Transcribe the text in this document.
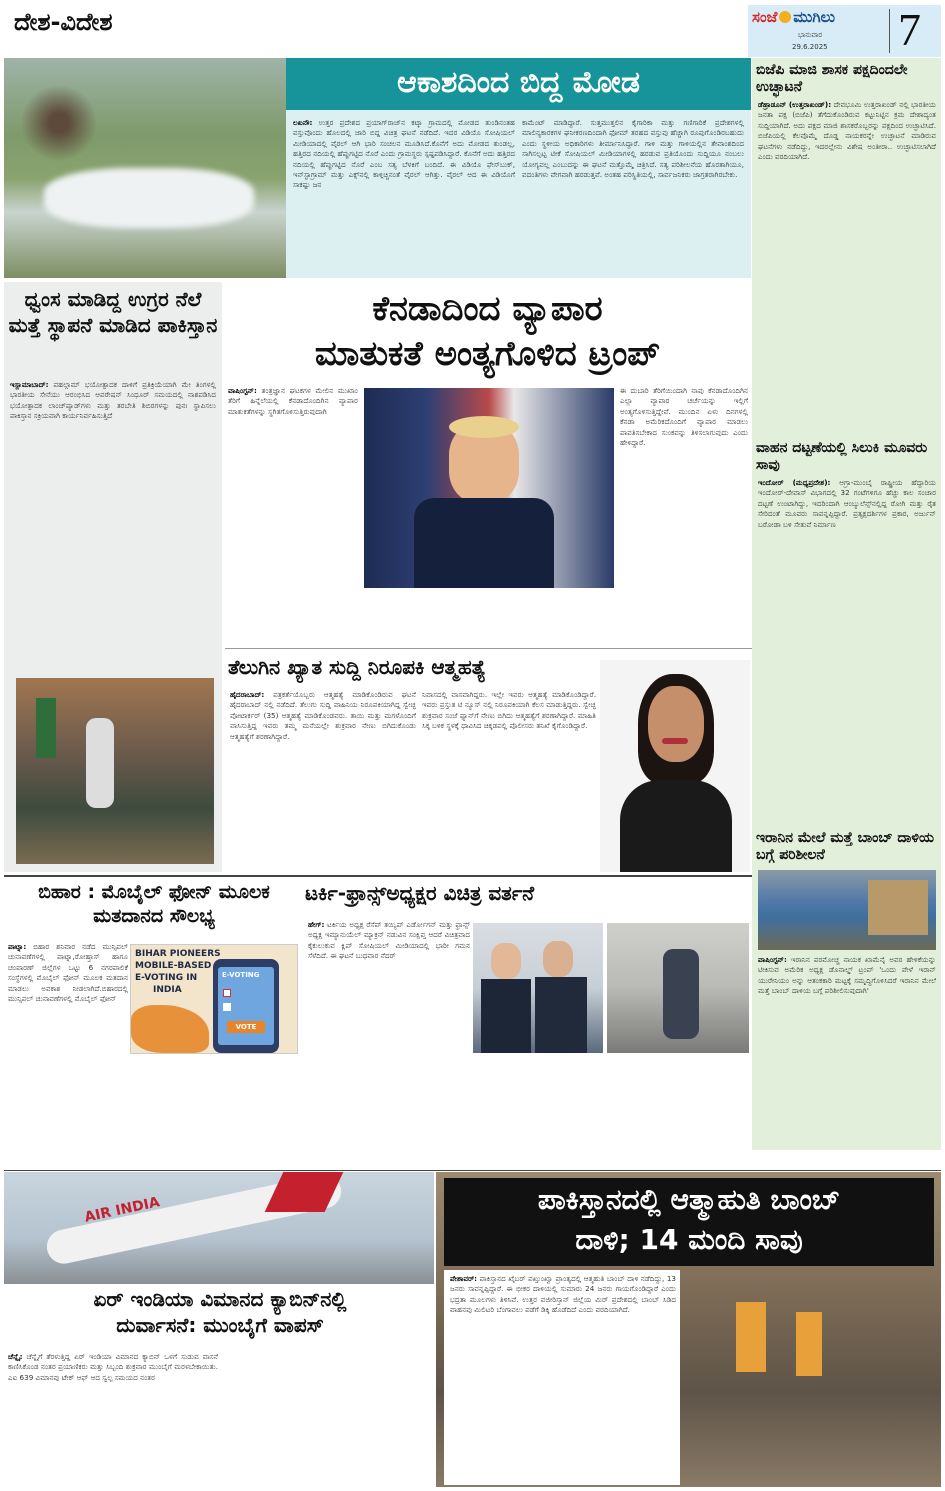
ದೇಶ-ವಿದೇಶ	ಸಂಜೆ ಮುಗಿಲು
ಭಾನುವಾರ
29.6.2025 7
ಆಕಾಶದಿಂದ ಬಿದ್ದ ಮೋಡ
ಲಖನೌ: ಉತ್ತರ ಪ್ರದೇಶದ ಪ್ರಯಾಗ್‌ರಾಜ್‌ನ ಕಟ್ಕಾ ಗ್ರಾಮದಲ್ಲಿ ಮೋಡದ ತುಂಡಿನಂತಹ ವಸ್ತುವೊಂದು ಹೊಲದಲ್ಲಿ ಜಾರಿ ಬಿದ್ದ ವಿಚಿತ್ರ ಘಟನೆ ನಡೆದಿದೆ. ಇದರ ವಿಡಿಯೊ ಸೋಷಿಯಲ್ ಮೀಡಿಯಾದಲ್ಲಿ ವೈರಲ್ ಆಗಿ ಭಾರಿ ಸಂಚಲನ ಮೂಡಿಸಿದೆ.ಕೊನೆಗೆ ಅದು ಮೋಡದ ತುಂಡಲ್ಲ, ಹತ್ತಿರದ ನದಿಯಲ್ಲಿ ಹೆಪ್ಪುಗಟ್ಟಿದ ನೊರೆ ಎಂದು ಗ್ರಾಮಸ್ಥರು ಸ್ಪಷ್ಟಪಡಿಸಿದ್ದಾರೆ. ಕೊನೆಗೆ ಅದು ಹತ್ತಿರದ ನದಿಯಲ್ಲಿ ಹೆಪ್ಪುಗಟ್ಟಿದ ನೊರೆ ಎಂಬ ಸತ್ಯ ಬೆಳಕಿಗೆ ಬಂದಿದೆ. ಈ ವಿಡಿಯೊ ಫೇಸ್‌ಬುಕ್, ಇನ್‌ಸ್ಟಾಗ್ರಾಮ್ ಮತ್ತು ಎಕ್ಸ್‌ನಲ್ಲಿ ಕಾಳ್ಗಿಚ್ಚಿನಂತೆ ವೈರಲ್ ಆಗಿತ್ತು. ವೈರಲ್ ಆದ ಈ ವಿಡಿಯೊಗೆ ಸಾಕಷ್ಟು ಜನ
ಕಾಮೆಂಟ್ ಮಾಡಿದ್ದಾರೆ. ಸುತ್ತಮುತ್ತಲಿನ ಕೈಗಾರಿಕಾ ಮತ್ತು ಗಣಿಗಾರಿಕೆ ಪ್ರದೇಶಗಳಲ್ಲಿ ಮಾಲಿನ್ಯಕಾರಕಗಳ ಘನೀಕರಣದಿಂದಾಗಿ ಫೋಮ್ ತರಹದ ವಸ್ತುವು ಹೆಚ್ಚಾಗಿ ರೂಪುಗೊಂಡಿರಬಹುದು ಎಂದು ಸ್ಥಳೀಯ ಅಧಿಕಾರಿಗಳು ತೀರ್ಮಾನಿಸಿದ್ದಾರೆ. ಗಾಳಿ ಮತ್ತು ಗಾಳಿಯಲ್ಲಿನ ತೇವಾಂಶದಿಂದ ಸಾಗಿಸಲ್ಪಟ್ಟ ಟೀಕೆ ಸೋಷಿಯಲ್ ಮೀಡಿಯಾಗಳಲ್ಲಿ ಹರಡುವ ಪ್ರತಿಯೊಂದು ಸುದ್ದಿಯೂ ನಂಬಲು ಯೋಗ್ಯವಲ್ಲ ಎಂಬುದನ್ನು ಈ ಘಟನೆ ಮತ್ತೊಮ್ಮೆ ಚಿತ್ರಿಸಿದೆ. ಸತ್ಯ ಪರಿಶೀಲನೆಯ ಹೊರತಾಗಿಯೂ, ವದಂತಿಗಳು ವೇಗವಾಗಿ ಹರಡುತ್ತವೆ. ಅಂತಹ ಪರಿಸ್ಥಿತಿಯಲ್ಲಿ, ಸಾರ್ವಜನಿಕರು ಜಾಗ್ರತರಾಗಿರಬೇಕು.
ಬಿಜೆಪಿ ಮಾಜಿ ಶಾಸಕ ಪಕ್ಷದಿಂದಲೇ ಉಚ್ಛಾಟನೆ
ಡೆಹ್ರಾಡೂನ್ (ಉತ್ತರಾಖಂಡ್): ದೇವಭೂಮಿ ಉತ್ತರಾಖಂಡ್ ನಲ್ಲಿ ಭಾರತೀಯ ಜನತಾ ಪಕ್ಷ (ಬಿಜೆಪಿ) ತೆಗೆದುಕೊಂಡಿರುವ ಕಟ್ಟುನಿಟ್ಟಿನ ಕ್ರಮ ದೇಶಾದ್ಯಂತ ಸುದ್ದಿಯಾಗಿದೆ. ಅದು ಪಕ್ಷದ ಮಾಜಿ ಶಾಸಕರೊಬ್ಬರನ್ನು ಪಕ್ಷದಿಂದ ಉಚ್ಛಾಟಿಸಿದೆ. ಬಿಜೆಪಿಯಲ್ಲಿ ಕೆಲವೊಮ್ಮೆ ದೊಡ್ಡ ನಾಯಕರನ್ನೇ ಉಚ್ಛಾಟನೆ ಮಾಡಿರುವ ಘಟನೆಗಳು ನಡೆದಿದ್ದು, ಇದರಲ್ಲೇನು ವಿಶೇಷ ಅಂತೀರಾ.. ಉಚ್ಛಾಟಿಸಲಾಗಿದೆ ಎಂದು ವರದಿಯಾಗಿದೆ.
ವಾಹನ ದಟ್ಟಣೆಯಲ್ಲಿ ಸಿಲುಕಿ ಮೂವರು ಸಾವು
ಇಂದೋರ್ (ಮಧ್ಯಪ್ರದೇಶ): ಆಗ್ರಾ-ಮುಂಬೈ ರಾಷ್ಟ್ರೀಯ ಹೆದ್ದಾರಿಯ ಇಂದೋರ್-ದೇವಾಸ್ ವಿಭಾಗದಲ್ಲಿ 32 ಗಂಟೆಗಳಿಗೂ ಹೆಚ್ಚು ಕಾಲ ಸಂಚಾರ ದಟ್ಟಣೆ ಉಂಟಾಗಿದ್ದು, ಇದರಿಂದಾಗಿ ಆಂಬ್ಯುಲೆನ್ಸ್‌ನಲ್ಲಿದ್ದ ರೋಗಿ ಮತ್ತು ರೈತ ಸೇರಿದಂತೆ ಮೂವರು ಸಾವನ್ನಪ್ಪಿದ್ದಾರೆ. ಪ್ರತ್ಯಕ್ಷದರ್ಶಿಗಳ ಪ್ರಕಾರ, ಅರ್ಜುನ್ ಬರೋಡಾ ಬಳಿ ಸೇತುವೆ ನಿರ್ಮಾಣ
ಇರಾನಿನ ಮೇಲೆ ಮತ್ತೆ ಬಾಂಬ್ ದಾಳಿಯ ಬಗ್ಗೆ ಪರಿಶೀಲನೆ
ವಾಷಿಂಗ್ಟನ್: ಇರಾನಿನ ಪರಮೋಚ್ಚ ನಾಯಕ ಖಾಮೆನೈ ಅವರ ಹೇಳಿಕೆಯನ್ನು ಟೀಕಿಸುವ ಅಮೆರಿಕ ಅಧ್ಯಕ್ಷ ಡೊನಾಲ್ಡ್ ಟ್ರಂಪ್ 'ಒಂದು ವೇಳೆ ಇರಾನ್ ಯುರೇನಿಯಂ ಅನ್ನು ಆತಂಕಕಾರಿ ಮಟ್ಟಕ್ಕೆ ಸಮೃದ್ಧಿಗೊಳಿಸಿದರೆ ಇರಾನಿನ ಮೇಲೆ ಮತ್ತೆ ಬಾಂಬ್ ದಾಳಿಯ ಬಗ್ಗೆ ಪರಿಶೀಲಿಸುವುದಾಗಿ'
ಧ್ವಂಸ ಮಾಡಿದ್ದ ಉಗ್ರರ ನೆಲೆ ಮತ್ತೆ ಸ್ಥಾಪನೆ ಮಾಡಿದ ಪಾಕಿಸ್ತಾನ
ಇಸ್ಲಾಮಾಬಾದ್: ಪಹಲ್ಗಾಮ್ ಭಯೋತ್ಪಾದಕ ದಾಳಿಗೆ ಪ್ರತಿಕ್ರಿಯೆಯಾಗಿ ಮೇ ತಿಂಗಳಲ್ಲಿ ಭಾರತೀಯ ಸೇನೆಯು ಆರಂಭಿಸಿದ ಆಪರೇಷನ್ ಸಿಂಧೂರ್ ಸಮಯದಲ್ಲಿ ನಾಶಪಡಿಸಿದ ಭಯೋತ್ಪಾದಕ ಲಾಂಚ್‌ಪ್ಯಾಡ್‌ಗಳು ಮತ್ತು ತರಬೇತಿ ಶಿಬಿರಗಳನ್ನು ಪುನಃ ಸ್ಥಾಪಿಸಲು ಪಾಕಿಸ್ತಾನ ಸಕ್ರಿಯವಾಗಿ ಕಾರ್ಯನಿರ್ವಹಿಸುತ್ತಿದೆ
ಕೆನಡಾದಿಂದ ವ್ಯಾಪಾರ
ಮಾತುಕತೆ ಅಂತ್ಯಗೊಳಿದ ಟ್ರಂಪ್
ವಾಷಿಂಗ್ಟನ್: ತಂತ್ರಜ್ಞಾನ ಘಟಕಗಳ ಮೇಲಿನ ಮುಖಾಂ ತೆರಿಗೆ ಹಿನ್ನೆಲೆಯಲ್ಲಿ ಕೆನಡಾದೊಂದಿಗಿನ ವ್ಯಾಪಾರ ಮಾತುಕತೆಗಳನ್ನು ಸ್ಥಗಿತಗೊಳಿಸುತ್ತಿರುವುದಾಗಿ
ಈ ದುಬಾರಿ ತೆರಿಗೆಯಿಂದಾಗಿ ನಾವು ಕೆನಡಾದೊಂದಿಗಿನ ಎಲ್ಲಾ ವ್ಯಾಪಾರ ಚರ್ಚೆಯನ್ನು ಇಲ್ಲಿಗೆ ಅಂತ್ಯಗೊಳಿಸುತ್ತಿದ್ದೇವೆ. ಮುಂದಿನ ಏಳು ದಿನಗಳಲ್ಲಿ ಕೆನಡಾ ಅಮೆರಿಕದೊಂದಿಗೆ ವ್ಯಾಪಾರ ಮಾಡಲು ಪಾವತಿಸಬೇಕಾದ ಸುಂಕವನ್ನು ತಿಳಿಸಲಾಗುವುದು ಎಂದು ಹೇಳಿದ್ದಾರೆ.
ತೆಲುಗಿನ ಖ್ಯಾತ ಸುದ್ದಿ ನಿರೂಪಕಿ ಆತ್ಮಹತ್ಯೆ
ಹೈದರಾಬಾದ್: ಪತ್ರಕರ್ತೆಯೊಬ್ಬರು ಆತ್ಮಹತ್ಯೆ ಮಾಡಿಕೊಂಡಿರುವ ಘಟನೆ ಹೈದರಾಬಾದ್ ನಲ್ಲಿ ನಡೆದಿದೆ. ತೆಲುಗು ಸುದ್ದಿ ವಾಹಿನಿಯ ನಿರೂಪಕಿಯಾಗಿದ್ದ ಸ್ವೇಚ್ಛ ವೋಟಾರ್ಕರ್ (35) ಆತ್ಮಹತ್ಯೆ ಮಾಡಿಕೊಂಡವರು. ತಾಯಿ ಮತ್ತು ಮಗಳೊಂದಿಗೆ ವಾಸಿಸುತ್ತಿದ್ದ ಇವರು ತಮ್ಮ ಮನೆಯಲ್ಲೇ ಶುಕ್ರವಾರ ನೇಣು ಬಿಗಿದುಕೊಂಡು ಆತ್ಮಹತ್ಯೆಗೆ ಶರಣಾಗಿದ್ದಾರೆ.
ನಿವಾಸದಲ್ಲಿ ವಾಸವಾಗಿದ್ದರು. ಇಲ್ಲೇ ಇವರು ಆತ್ಮಹತ್ಯೆ ಮಾಡಿಕೊಂಡಿದ್ದಾರೆ. ಇವರು ಪ್ರಸ್ತುತ ಟಿ ನ್ಯೂಸ್ ನಲ್ಲಿ ನಿರೂಪಕಿಯಾಗಿ ಕೆಲಸ ಮಾಡುತ್ತಿದ್ದರು. ಸ್ವೇಚ್ಛ ಶುಕ್ರವಾರ ಸಂಜೆ ಫ್ಯಾನ್‌ಗೆ ನೇಣು ಬಿಗಿದು ಆತ್ಮಹತ್ಯೆಗೆ ಶರಣಾಗಿದ್ದಾರೆ. ಮಾಹಿತಿ ಸಿಕ್ಕ ಬಳಿಕ ಸ್ಥಳಕ್ಕೆ ಧಾವಿಸಿದ ಚಿಕ್ಕಡಪಲ್ಲಿ ಪೊಲೀಸರು ತನಿಖೆ ಕೈಗೊಂಡಿದ್ದಾರೆ.
ಬಿಹಾರ : ಮೊಬೈಲ್ ಫೋನ್ ಮೂಲಕ ಮತದಾನದ ಸೌಲಭ್ಯ
ಪಾಟ್ನಾ: ಬಿಹಾರ ಶನಿವಾರ ನಡೆದ ಮುನ್ಸಿಪಲ್ ಚುನಾವಣೆಗಳಲ್ಲಿ ಪಾಟ್ನಾ,ರೋಹ್ತಾಸ್ ಹಾಗೂ ಚಂಪಾರಣ್ ಜಿಲ್ಲೆಗಳ ಒಟ್ಟು 6 ನಗರಪಾಲಿಕೆ ಸಂಸ್ಥೆಗಳಲ್ಲಿ ಮೊಬೈಲ್ ಫೋನ್ ಮೂಲಕ ಮತದಾನ ಮಾಡಲು ಅವಕಾಶ ನೀಡಲಾಗಿದೆ.ಬಿಹಾರದಲ್ಲಿ ಮುನ್ಸಿಪಲ್ ಚುನಾವಣೆಗಳಲ್ಲಿ ಮೊಬೈಲ್ ಫೋನ್
BIHAR PIONEERS
MOBILE-BASED
E-VOTING IN
INDIA
E-VOTING
VOTE

ಟರ್ಕಿ-ಫ್ರಾನ್ಸ್ಅಧ್ಯಕ್ಷರ ವಿಚಿತ್ರ ವರ್ತನೆ
ಹೇಗ್: ಟರ್ಕಿಯ ಅಧ್ಯಕ್ಷ ರೆಸೆಪ್ ತಯ್ಯಿಪ್ ಎರ್ಡೋಗನ್ ಮತ್ತು ಫ್ರಾನ್ಸ್ ಅಧ್ಯಕ್ಷ ಇಮ್ಯಾನುಯೆಲ್ ಮ್ಯಾಕ್ರನ್ ನಡುವಿನ ಸಂಕ್ಷಿಪ್ತ ಆದರೆ ವಿಚಿತ್ರವಾದ ಕೈಕುಲುಕುವ ಕ್ಲಿಪ್ ಸೋಷಿಯಲ್ ಮೀಡಿಯಾದಲ್ಲಿ ಭಾರೀ ಗಮನ ಸೆಳೆದಿದೆ. ಈ ಘಟನೆ ಬುಧವಾರ ನೆದರ್

AIR INDIA
ಏರ್ ಇಂಡಿಯಾ ವಿಮಾನದ ಕ್ಯಾಬಿನ್‌ನಲ್ಲಿ
ದುರ್ವಾಸನೆ: ಮುಂಬೈಗೆ ವಾಪಸ್
ಚೆನ್ನೈ: ಚೆನ್ನೈಗೆ ತೆರಳುತ್ತಿದ್ದ ಏರ್ ಇಂಡಿಯಾ ವಿಮಾನದ ಕ್ಯಾಬಿನ್ ಒಳಗೆ ಸುಡುವ ವಾಸನೆ ಕಾಣಿಸಿಕೊಂಡ ನಂತರ ಪ್ರಯಾಣಿಕರು ಮತ್ತು ಸಿಬ್ಬಂದಿ ಶುಕ್ರವಾರ ಮುಂಬೈಗೆ ಮರಳಬೇಕಾಯಿತು. ಎಐ 639 ವಿಮಾನವು ಟೇಕ್ ಆಫ್ ಆದ ಸ್ವಲ್ಪ ಸಮಯದ ನಂತರ

ಪಾಕಿಸ್ತಾನದಲ್ಲಿ ಆತ್ಮಾಹುತಿ ಬಾಂಬ್
ದಾಳಿ; 14 ಮಂದಿ ಸಾವು
ಪೇಶಾವರ್: ಪಾಕಿಸ್ತಾನದ ಖೈಬರ್ ಪಖ್ತುಂಖ್ವಾ ಪ್ರಾಂತ್ಯದಲ್ಲಿ ಆತ್ಮಹುತಿ ಬಾಂಬ್ ದಾಳಿ ನಡೆದಿದ್ದು, 13 ಜನರು ಸಾವನ್ನಪ್ಪಿದ್ದಾರೆ. ಈ ಭೀಕರ ದಾಳಿಯಲ್ಲಿ ಸುಮಾರು 24 ಜನರು ಗಾಯಗೊಂಡಿದ್ದಾರೆ ಎಂದು ಭದ್ರತಾ ಮೂಲಗಳು ತಿಳಿಸಿವೆ. ಉತ್ತರ ವಜೀರಿಸ್ತಾನ್ ಜಿಲ್ಲೆಯ ಮಿರ್ ಪ್ರದೇಶದಲ್ಲಿ ಬಾಂಬ್ ಸಿಡಿದ ವಾಹನವು ಮಿಲಿಟರಿ ಬೆಂಗಾವಲು ಪಡೆಗೆ ಡಿಕ್ಕಿ ಹೊಡೆದಿದೆ ಎಂದು ವರದಿಯಾಗಿದೆ.
